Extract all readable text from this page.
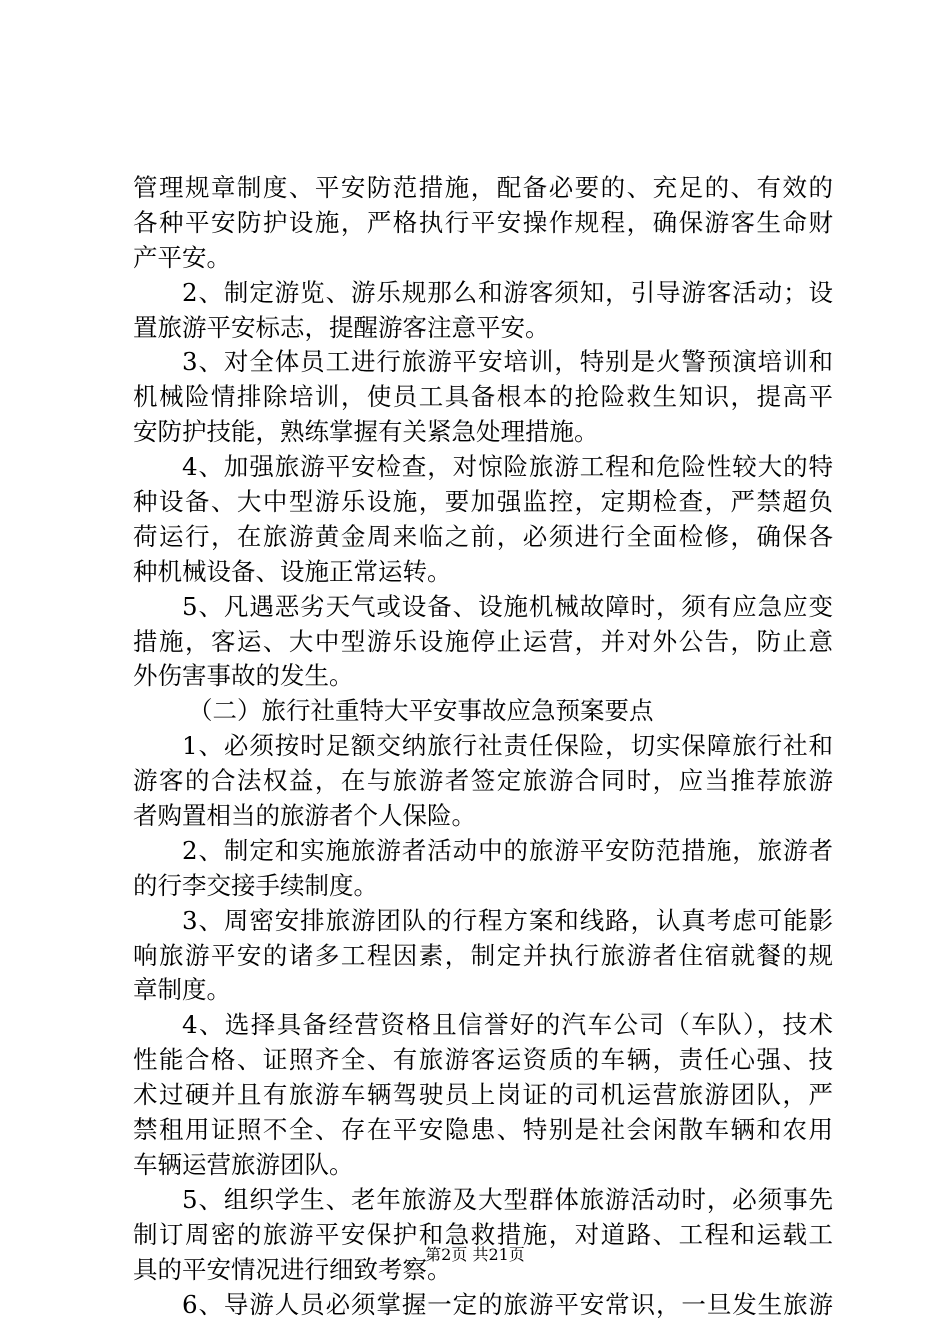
管理规章制度、平安防范措施，配备必要的、充足的、有效的
各种平安防护设施，严格执行平安操作规程，确保游客生命财
产平安。
2、制定游览、游乐规那么和游客须知，引导游客活动；设
置旅游平安标志，提醒游客注意平安。
3、对全体员工进行旅游平安培训，特别是火警预演培训和
机械险情排除培训，使员工具备根本的抢险救生知识，提高平
安防护技能，熟练掌握有关紧急处理措施。
4、加强旅游平安检查，对惊险旅游工程和危险性较大的特
种设备、大中型游乐设施，要加强监控，定期检查，严禁超负
荷运行，在旅游黄金周来临之前，必须进行全面检修，确保各
种机械设备、设施正常运转。
5、凡遇恶劣天气或设备、设施机械故障时，须有应急应变
措施，客运、大中型游乐设施停止运营，并对外公告，防止意
外伤害事故的发生。
（二）旅行社重特大平安事故应急预案要点
1、必须按时足额交纳旅行社责任保险，切实保障旅行社和
游客的合法权益，在与旅游者签定旅游合同时，应当推荐旅游
者购置相当的旅游者个人保险。
2、制定和实施旅游者活动中的旅游平安防范措施，旅游者
的行李交接手续制度。
3、周密安排旅游团队的行程方案和线路，认真考虑可能影
响旅游平安的诸多工程因素，制定并执行旅游者住宿就餐的规
章制度。
4、选择具备经营资格且信誉好的汽车公司（车队），技术
性能合格、证照齐全、有旅游客运资质的车辆，责任心强、技
术过硬并且有旅游车辆驾驶员上岗证的司机运营旅游团队，严
禁租用证照不全、存在平安隐患、特别是社会闲散车辆和农用
车辆运营旅游团队。
5、组织学生、老年旅游及大型群体旅游活动时，必须事先
制订周密的旅游平安保护和急救措施，对道路、工程和运载工
具的平安情况进行细致考察。
6、导游人员必须掌握一定的旅游平安常识，一旦发生旅游
第2页 共21页
